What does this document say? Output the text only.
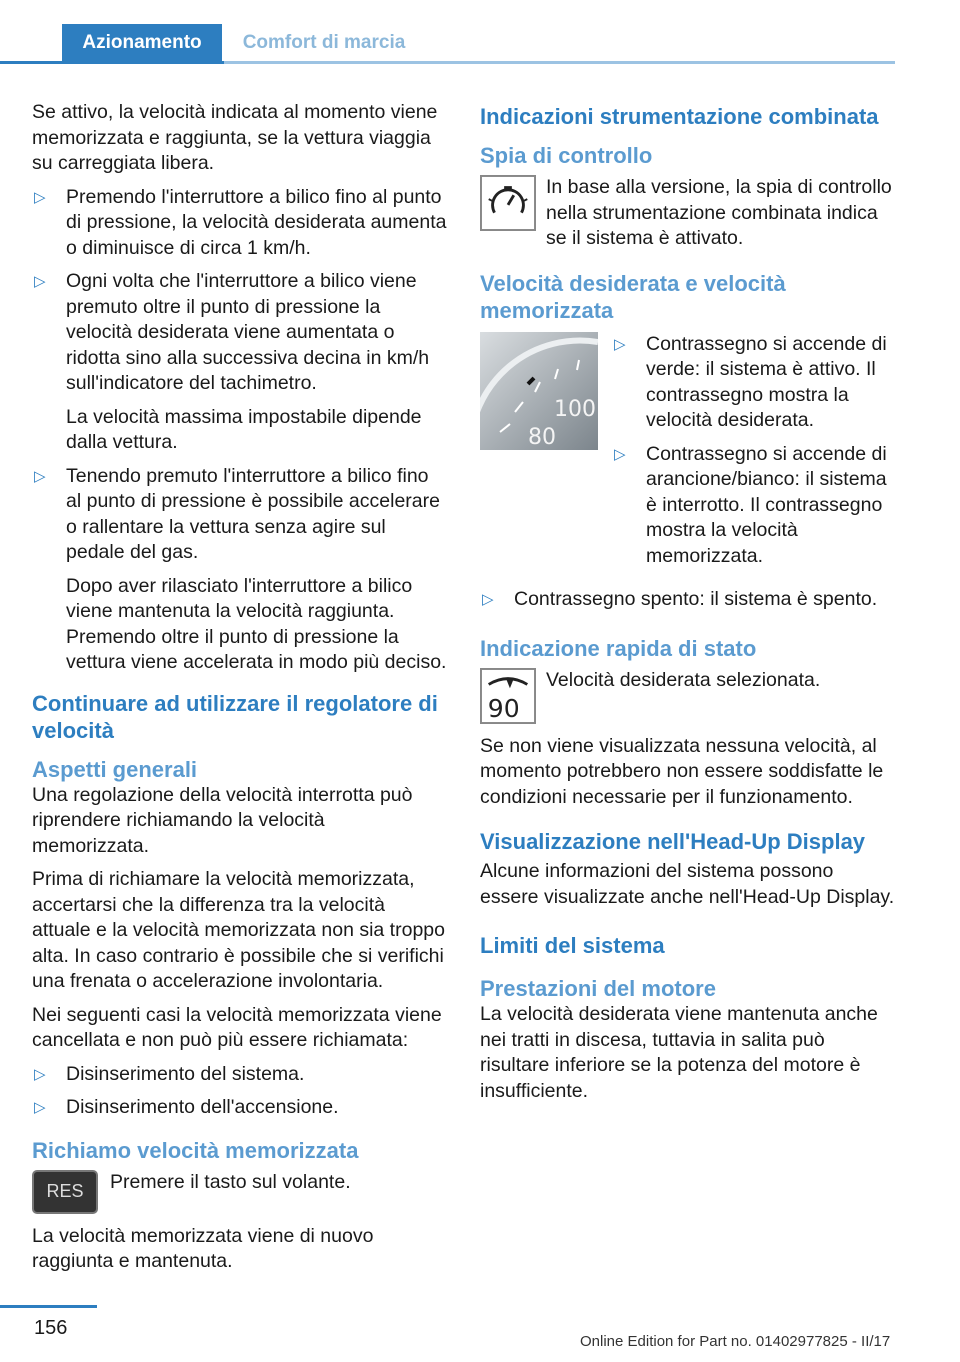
Azionamento	Comfort di marcia

Se attivo, la velocità indicata al momento viene memorizzata e raggiunta, se la vettura viaggia su carreggiata libera.

▷ Premendo l'interruttore a bilico fino al punto di pressione, la velocità desiderata aumenta o diminuisce di circa 1 km/h.
▷ Ogni volta che l'interruttore a bilico viene premuto oltre il punto di pressione la velocità desiderata viene aumentata o ridotta sino alla successiva decina in km/h sull'indicatore del tachimetro.

La velocità massima impostabile dipende dalla vettura.

▷ Tenendo premuto l'interruttore a bilico fino al punto di pressione è possibile accelerare o rallentare la vettura senza agire sul pedale del gas.

Dopo aver rilasciato l'interruttore a bilico viene mantenuta la velocità raggiunta. Premendo oltre il punto di pressione la vettura viene accelerata in modo più deciso.

Continuare ad utilizzare il regolatore di velocità
Aspetti generali

Una regolazione della velocità interrotta può riprendere richiamando la velocità memorizzata.

Prima di richiamare la velocità memorizzata, accertarsi che la differenza tra la velocità attuale e la velocità memorizzata non sia troppo alta. In caso contrario è possibile che si verifichi una frenata o accelerazione involontaria.

Nei seguenti casi la velocità memorizzata viene cancellata e non può più essere richiamata:

▷ Disinserimento del sistema.
▷ Disinserimento dell'accensione.
Richiamo velocità memorizzata
RES	Premere il tasto sul volante.

La velocità memorizzata viene di nuovo raggiunta e mantenuta.

Indicazioni strumentazione combinata
Spia di controllo
In base alla versione, la spia di controllo nella strumentazione combinata indica se il sistema è attivato.
Velocità desiderata e velocità memorizzata
100
80
▷ Contrassegno si accende di verde: il sistema è attivo. Il contrassegno mostra la velocità desiderata.
▷ Contrassegno si accende di arancione/bianco: il sistema è interrotto. Il contrassegno mostra la velocità memorizzata.
▷ Contrassegno spento: il sistema è spento.
Indicazione rapida di stato
90
Velocità desiderata selezionata.

Se non viene visualizzata nessuna velocità, al momento potrebbero non essere soddisfatte le condizioni necessarie per il funzionamento.

Visualizzazione nell'Head-Up Display

Alcune informazioni del sistema possono essere visualizzate anche nell'Head-Up Display.

Limiti del sistema
Prestazioni del motore

La velocità desiderata viene mantenuta anche nei tratti in discesa, tuttavia in salita può risultare inferiore se la potenza del motore è insufficiente.

156
Online Edition for Part no. 01402977825 - II/17
